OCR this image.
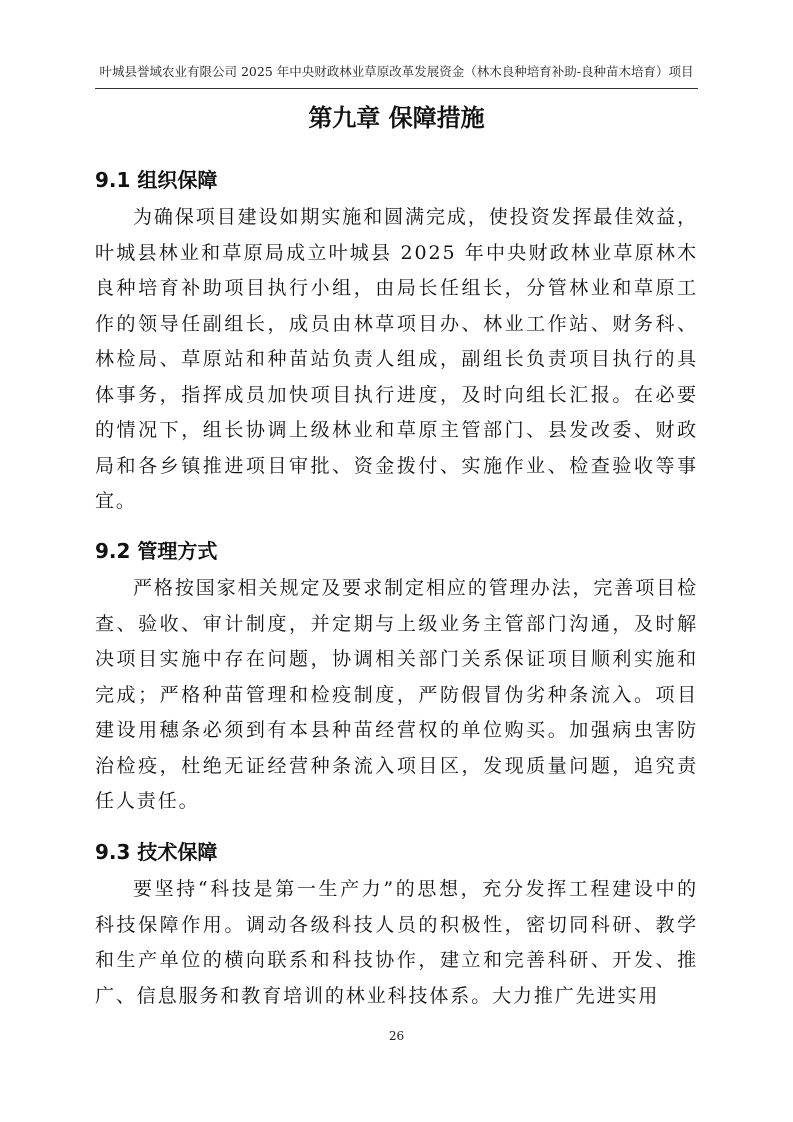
叶城县誉域农业有限公司 2025 年中央财政林业草原改革发展资金（林木良种培育补助-良种苗木培育）项目
第九章 保障措施
9.1 组织保障

为确保项目建设如期实施和圆满完成，使投资发挥最佳效益，叶城县林业和草原局成立叶城县 2025 年中央财政林业草原林木良种培育补助项目执行小组，由局长任组长，分管林业和草原工作的领导任副组长，成员由林草项目办、林业工作站、财务科、林检局、草原站和种苗站负责人组成，副组长负责项目执行的具体事务，指挥成员加快项目执行进度，及时向组长汇报。在必要的情况下，组长协调上级林业和草原主管部门、县发改委、财政局和各乡镇推进项目审批、资金拨付、实施作业、检查验收等事宜。

9.2 管理方式

严格按国家相关规定及要求制定相应的管理办法，完善项目检查、验收、审计制度，并定期与上级业务主管部门沟通，及时解决项目实施中存在问题，协调相关部门关系保证项目顺利实施和完成；严格种苗管理和检疫制度，严防假冒伪劣种条流入。项目建设用穗条必须到有本县种苗经营权的单位购买。加强病虫害防治检疫，杜绝无证经营种条流入项目区，发现质量问题，追究责任人责任。

9.3 技术保障

要坚持“科技是第一生产力”的思想，充分发挥工程建设中的科技保障作用。调动各级科技人员的积极性，密切同科研、教学和生产单位的横向联系和科技协作，建立和完善科研、开发、推广、信息服务和教育培训的林业科技体系。大力推广先进实用

26
